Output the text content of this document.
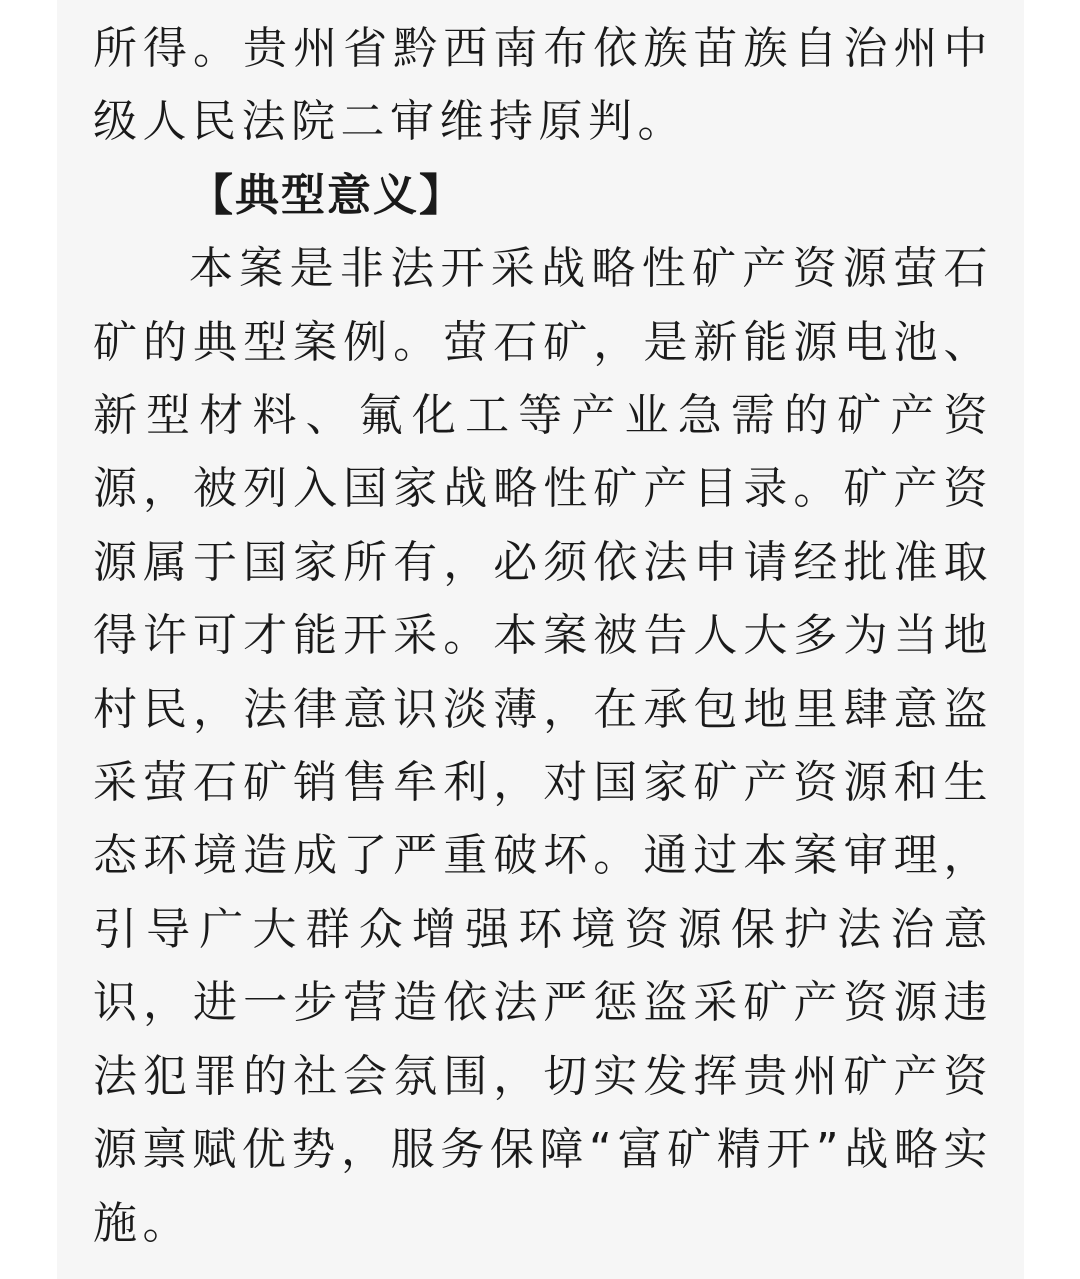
所得。贵州省黔西南布依族苗族自治州中级人民法院二审维持原判。

【典型意义】

本案是非法开采战略性矿产资源萤石矿的典型案例。萤石矿，是新能源电池、新型材料、氟化工等产业急需的矿产资源，被列入国家战略性矿产目录。矿产资源属于国家所有，必须依法申请经批准取得许可才能开采。本案被告人大多为当地村民，法律意识淡薄，在承包地里肆意盗采萤石矿销售牟利，对国家矿产资源和生态环境造成了严重破坏。通过本案审理，引导广大群众增强环境资源保护法治意识，进一步营造依法严惩盗采矿产资源违法犯罪的社会氛围，切实发挥贵州矿产资源禀赋优势，服务保障“富矿精开”战略实施。
